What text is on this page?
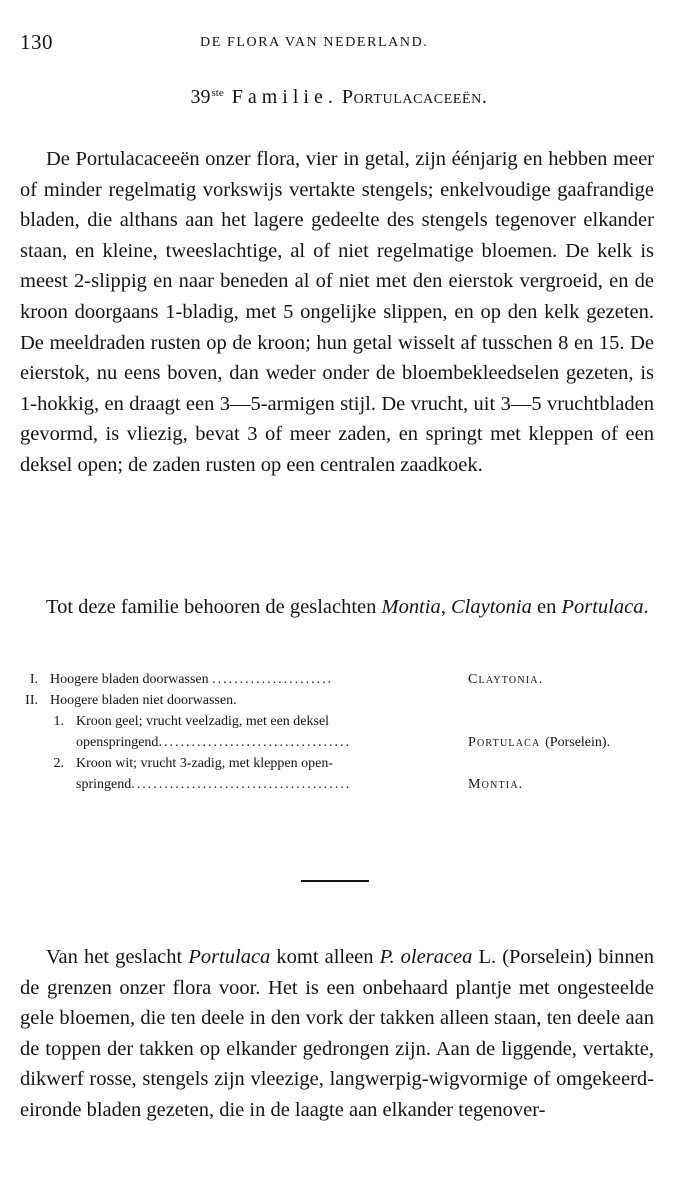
130	DE FLORA VAN NEDERLAND.
39ste Familie. Portulacaceeën.

De Portulacaceeën onzer flora, vier in getal, zijn éénjarig en hebben meer of minder regelmatig vorkswijs vertakte stengels; enkelvoudige gaafrandige bladen, die althans aan het lagere gedeelte des stengels tegenover elkander staan, en kleine, tweeslachtige, al of niet regelmatige bloemen. De kelk is meest 2-slippig en naar beneden al of niet met den eierstok vergroeid, en de kroon doorgaans 1-bladig, met 5 ongelijke slippen, en op den kelk gezeten. De meeldraden rusten op de kroon; hun getal wisselt af tusschen 8 en 15. De eierstok, nu eens boven, dan weder onder de bloembekleedselen gezeten, is 1-hokkig, en draagt een 3—5-armigen stijl. De vrucht, uit 3—5 vruchtbladen gevormd, is vliezig, bevat 3 of meer zaden, en springt met kleppen of een deksel open; de zaden rusten op een centralen zaadkoek.

Tot deze familie behooren de geslachten Montia, Claytonia en Portulaca.

I. Hoogere bladen doorwassen ......................	Claytonia.
II. Hoogere bladen niet doorwassen.
1. Kroon geel; vrucht veelzadig, met een deksel
openspringend...................................	Portulaca (Porselein).
2. Kroon wit; vrucht 3-zadig, met kleppen open-
springend........................................	Montia.

Van het geslacht Portulaca komt alleen P. oleracea L. (Porselein) binnen de grenzen onzer flora voor. Het is een onbehaard plantje met ongesteelde gele bloemen, die ten deele in den vork der takken alleen staan, ten deele aan de toppen der takken op elkander gedrongen zijn. Aan de liggende, vertakte, dikwerf rosse, stengels zijn vleezige, langwerpig-wigvormige of omgekeerd-eironde bladen gezeten, die in de laagte aan elkander tegenover-
